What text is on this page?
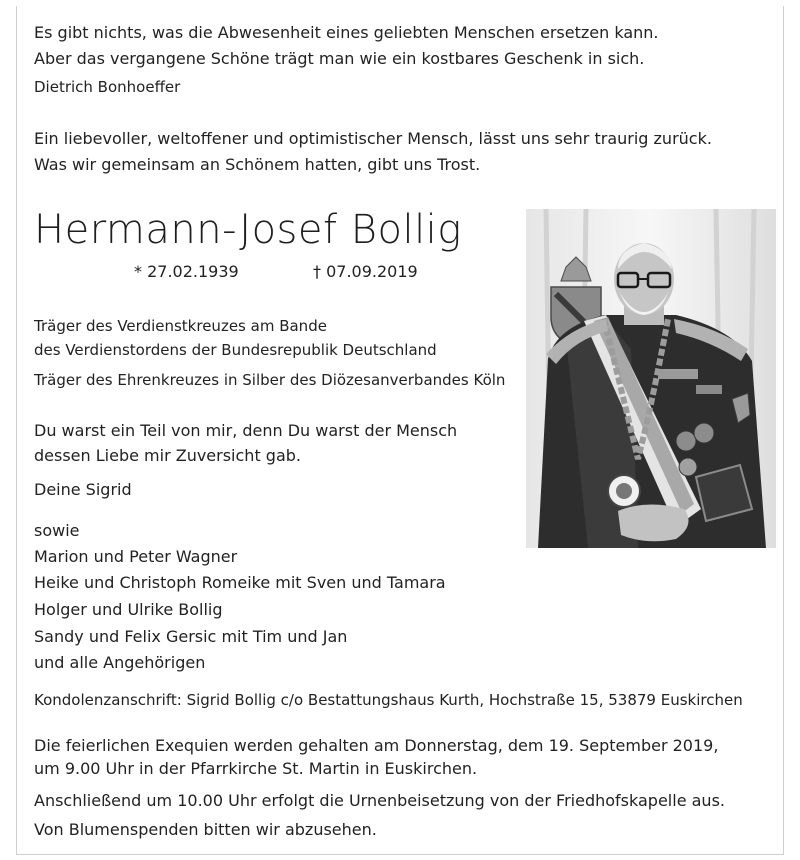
Es gibt nichts, was die Abwesenheit eines geliebten Menschen ersetzen kann.
Aber das vergangene Schöne trägt man wie ein kostbares Geschenk in sich.
Dietrich Bonhoeffer
Ein liebevoller, weltoffener und optimistischer Mensch, lässt uns sehr traurig zurück.
Was wir gemeinsam an Schönem hatten, gibt uns Trost.
Hermann-Josef Bollig
* 27.02.1939	† 07.09.2019
Träger des Verdienstkreuzes am Bande
des Verdienstordens der Bundesrepublik Deutschland
Träger des Ehrenkreuzes in Silber des Diözesanverbandes Köln
Du warst ein Teil von mir, denn Du warst der Mensch
dessen Liebe mir Zuversicht gab.
Deine Sigrid
sowie
Marion und Peter Wagner
Heike und Christoph Romeike mit Sven und Tamara
Holger und Ulrike Bollig
Sandy und Felix Gersic mit Tim und Jan
und alle Angehörigen
Kondolenzanschrift: Sigrid Bollig c/o Bestattungshaus Kurth, Hochstraße 15, 53879 Euskirchen
Die feierlichen Exequien werden gehalten am Donnerstag, dem 19. September 2019,
um 9.00 Uhr in der Pfarrkirche St. Martin in Euskirchen.
Anschließend um 10.00 Uhr erfolgt die Urnenbeisetzung von der Friedhofskapelle aus.
Von Blumenspenden bitten wir abzusehen.
